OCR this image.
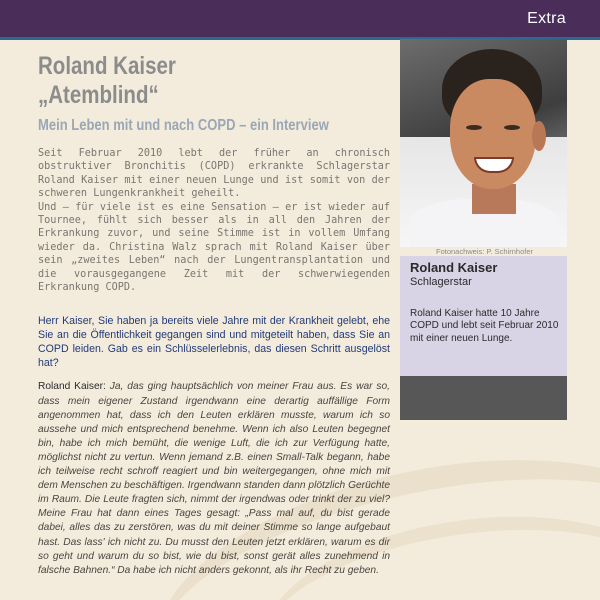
Extra
Roland Kaiser
„Atemblind“
Mein Leben mit und nach COPD – ein Interview

Seit Februar 2010 lebt der früher an chronisch obstruktiver Bronchitis (COPD) erkrankte Schlagerstar Roland Kaiser mit einer neuen Lunge und ist somit von der schweren Lungenkrankheit geheilt.

Und – für viele ist es eine Sensation – er ist wieder auf Tournee, fühlt sich besser als in all den Jahren der Erkrankung zuvor, und seine Stimme ist in vollem Umfang wieder da. Christina Walz sprach mit Roland Kaiser über sein „zweites Leben“ nach der Lungentransplantation und die vorausgegangene Zeit mit der schwerwiegenden Erkrankung COPD.

Herr Kaiser, Sie haben ja bereits viele Jahre mit der Krankheit gelebt, ehe Sie an die Öffentlichkeit gegangen sind und mitgeteilt haben, dass Sie an COPD leiden. Gab es ein Schlüsselerlebnis, das diesen Schritt ausgelöst hat?
Roland Kaiser: Ja, das ging hauptsächlich von meiner Frau aus. Es war so, dass mein eigener Zustand irgendwann eine derartig auffällige Form angenommen hat, dass ich den Leuten erklären musste, warum ich so aussehe und mich entsprechend benehme. Wenn ich also Leuten begegnet bin, habe ich mich bemüht, die wenige Luft, die ich zur Verfügung hatte, möglichst nicht zu vertun. Wenn jemand z.B. einen Small-Talk begann, habe ich teilweise recht schroff reagiert und bin weitergegangen, ohne mich mit dem Menschen zu beschäftigen. Irgendwann standen dann plötzlich Gerüchte im Raum. Die Leute fragten sich, nimmt der irgendwas oder trinkt der zu viel? Meine Frau hat dann eines Tages gesagt: „Pass mal auf, du bist gerade dabei, alles das zu zerstören, was du mit deiner Stimme so lange aufgebaut hast. Das lass' ich nicht zu. Du musst den Leuten jetzt erklären, warum es dir so geht und warum du so bist, wie du bist, sonst gerät alles zunehmend in falsche Bahnen.“ Da habe ich nicht anders gekonnt, als ihr Recht zu geben.
Fotonachweis: P. Schirnhofer
Roland Kaiser
Schlagerstar
Roland Kaiser hatte 10 Jahre COPD und lebt seit Februar 2010 mit einer neuen Lunge.
